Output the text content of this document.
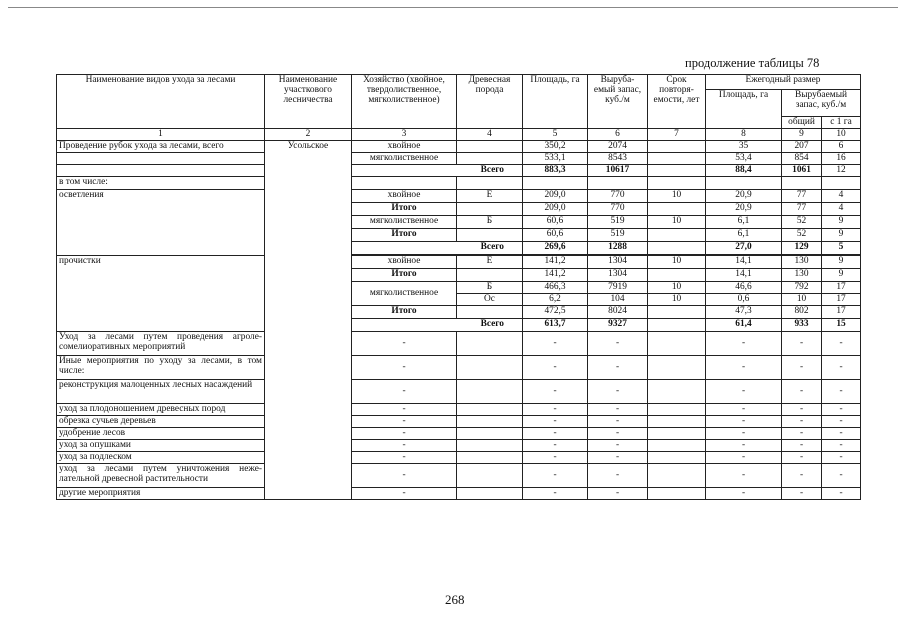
продолжение таблицы 78
Наименование видов ухода за лесами	Наименование участкового лесничества	Хозяйство (хвойное, твердолиственное, мягколиственное)	Древесная порода	Площадь, га	Выруба-емый запас, куб./м	Срок повторя-емости, лет	Ежегодный размер		
							Площадь, га	Вырубаемый запас, куб./м	
								общий	с 1 га
1	2	3	4	5	6	7	8	9	10
Проведение рубок ухода за лесами, всего	Усольское	хвойное		350,2	2074		35	207	6
		мягколиственное		533,1	8543		53,4	854	16
		Всего		883,3	10617		88,4	1061	12
в том числе:									
осветления		хвойное	Е	209,0	770	10	20,9	77	4
		Итого		209,0	770		20,9	77	4
		мягколиственное	Б	60,6	519	10	6,1	52	9
		Итого		60,6	519		6,1	52	9
		Всего		269,6	1288		27,0	129	5

прочистки		хвойное	Е	141,2	1304	10	14,1	130	9
		Итого		141,2	1304		14,1	130	9
		мягколиственное	Б	466,3	7919	10	46,6	792	17
			Ос	6,2	104	10	0,6	10	17
		Итого		472,5	8024		47,3	802	17
		Всего		613,7	9327		61,4	933	15
Уход за лесами путем проведения агроле-сомелиоративных мероприятий		-		-	-		-	-	-
Иные мероприятия по уходу за лесами, в том числе:		-		-	-		-	-	-
реконструкция малоценных лесных насаждений		-		-	-		-	-	-
уход за плодоношением древесных пород		-		-	-		-	-	-
обрезка сучьев деревьев		-		-	-		-	-	-
удобрение лесов		-		-	-		-	-	-
уход за опушками		-		-	-		-	-	-
уход за подлеском		-		-	-		-	-	-
уход за лесами путем уничтожения неже-лательной древесной растительности		-		-	-		-	-	-
другие мероприятия		-		-	-		-	-	-
268
